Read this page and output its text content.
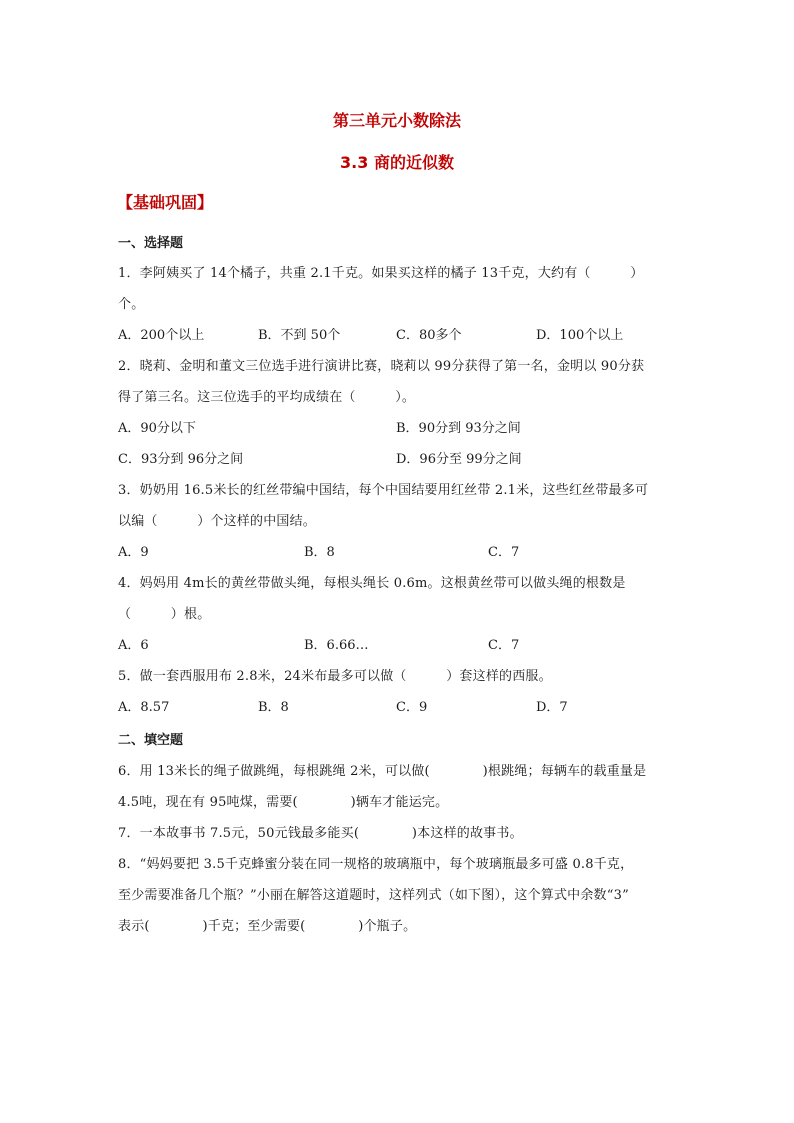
第三单元小数除法
3.3 商的近似数
【基础巩固】
一、选择题
1．李阿姨买了 14个橘子，共重 2.1千克。如果买这样的橘子 13千克，大约有（　　　）
个。
A．200个以上	B．不到 50个	C．80多个	D．100个以上
2．晓莉、金明和董文三位选手进行演讲比赛，晓莉以 99分获得了第一名，金明以 90分获
得了第三名。这三位选手的平均成绩在（　　　）。
A．90分以下	B．90分到 93分之间
C．93分到 96分之间	D．96分至 99分之间
3．奶奶用 16.5米长的红丝带编中国结，每个中国结要用红丝带 2.1米，这些红丝带最多可
以编（　　　）个这样的中国结。
A．9	B．8	C．7
4．妈妈用 4m长的黄丝带做头绳，每根头绳长 0.6m。这根黄丝带可以做头绳的根数是
（　　　）根。
A．6	B．6.66…	C．7
5．做一套西服用布 2.8米，24米布最多可以做（　　　）套这样的西服。
A．8.57	B．8	C．9	D．7
二、填空题
6．用 13米长的绳子做跳绳，每根跳绳 2米，可以做(　　　　)根跳绳；每辆车的载重量是
4.5吨，现在有 95吨煤，需要(　　　　)辆车才能运完。
7．一本故事书 7.5元，50元钱最多能买(　　　　)本这样的故事书。
8．“妈妈要把 3.5千克蜂蜜分装在同一规格的玻璃瓶中，每个玻璃瓶最多可盛 0.8千克，
至少需要准备几个瓶？”小丽在解答这道题时，这样列式（如下图），这个算式中余数“3”
表示(　　　　)千克；至少需要(　　　　)个瓶子。
